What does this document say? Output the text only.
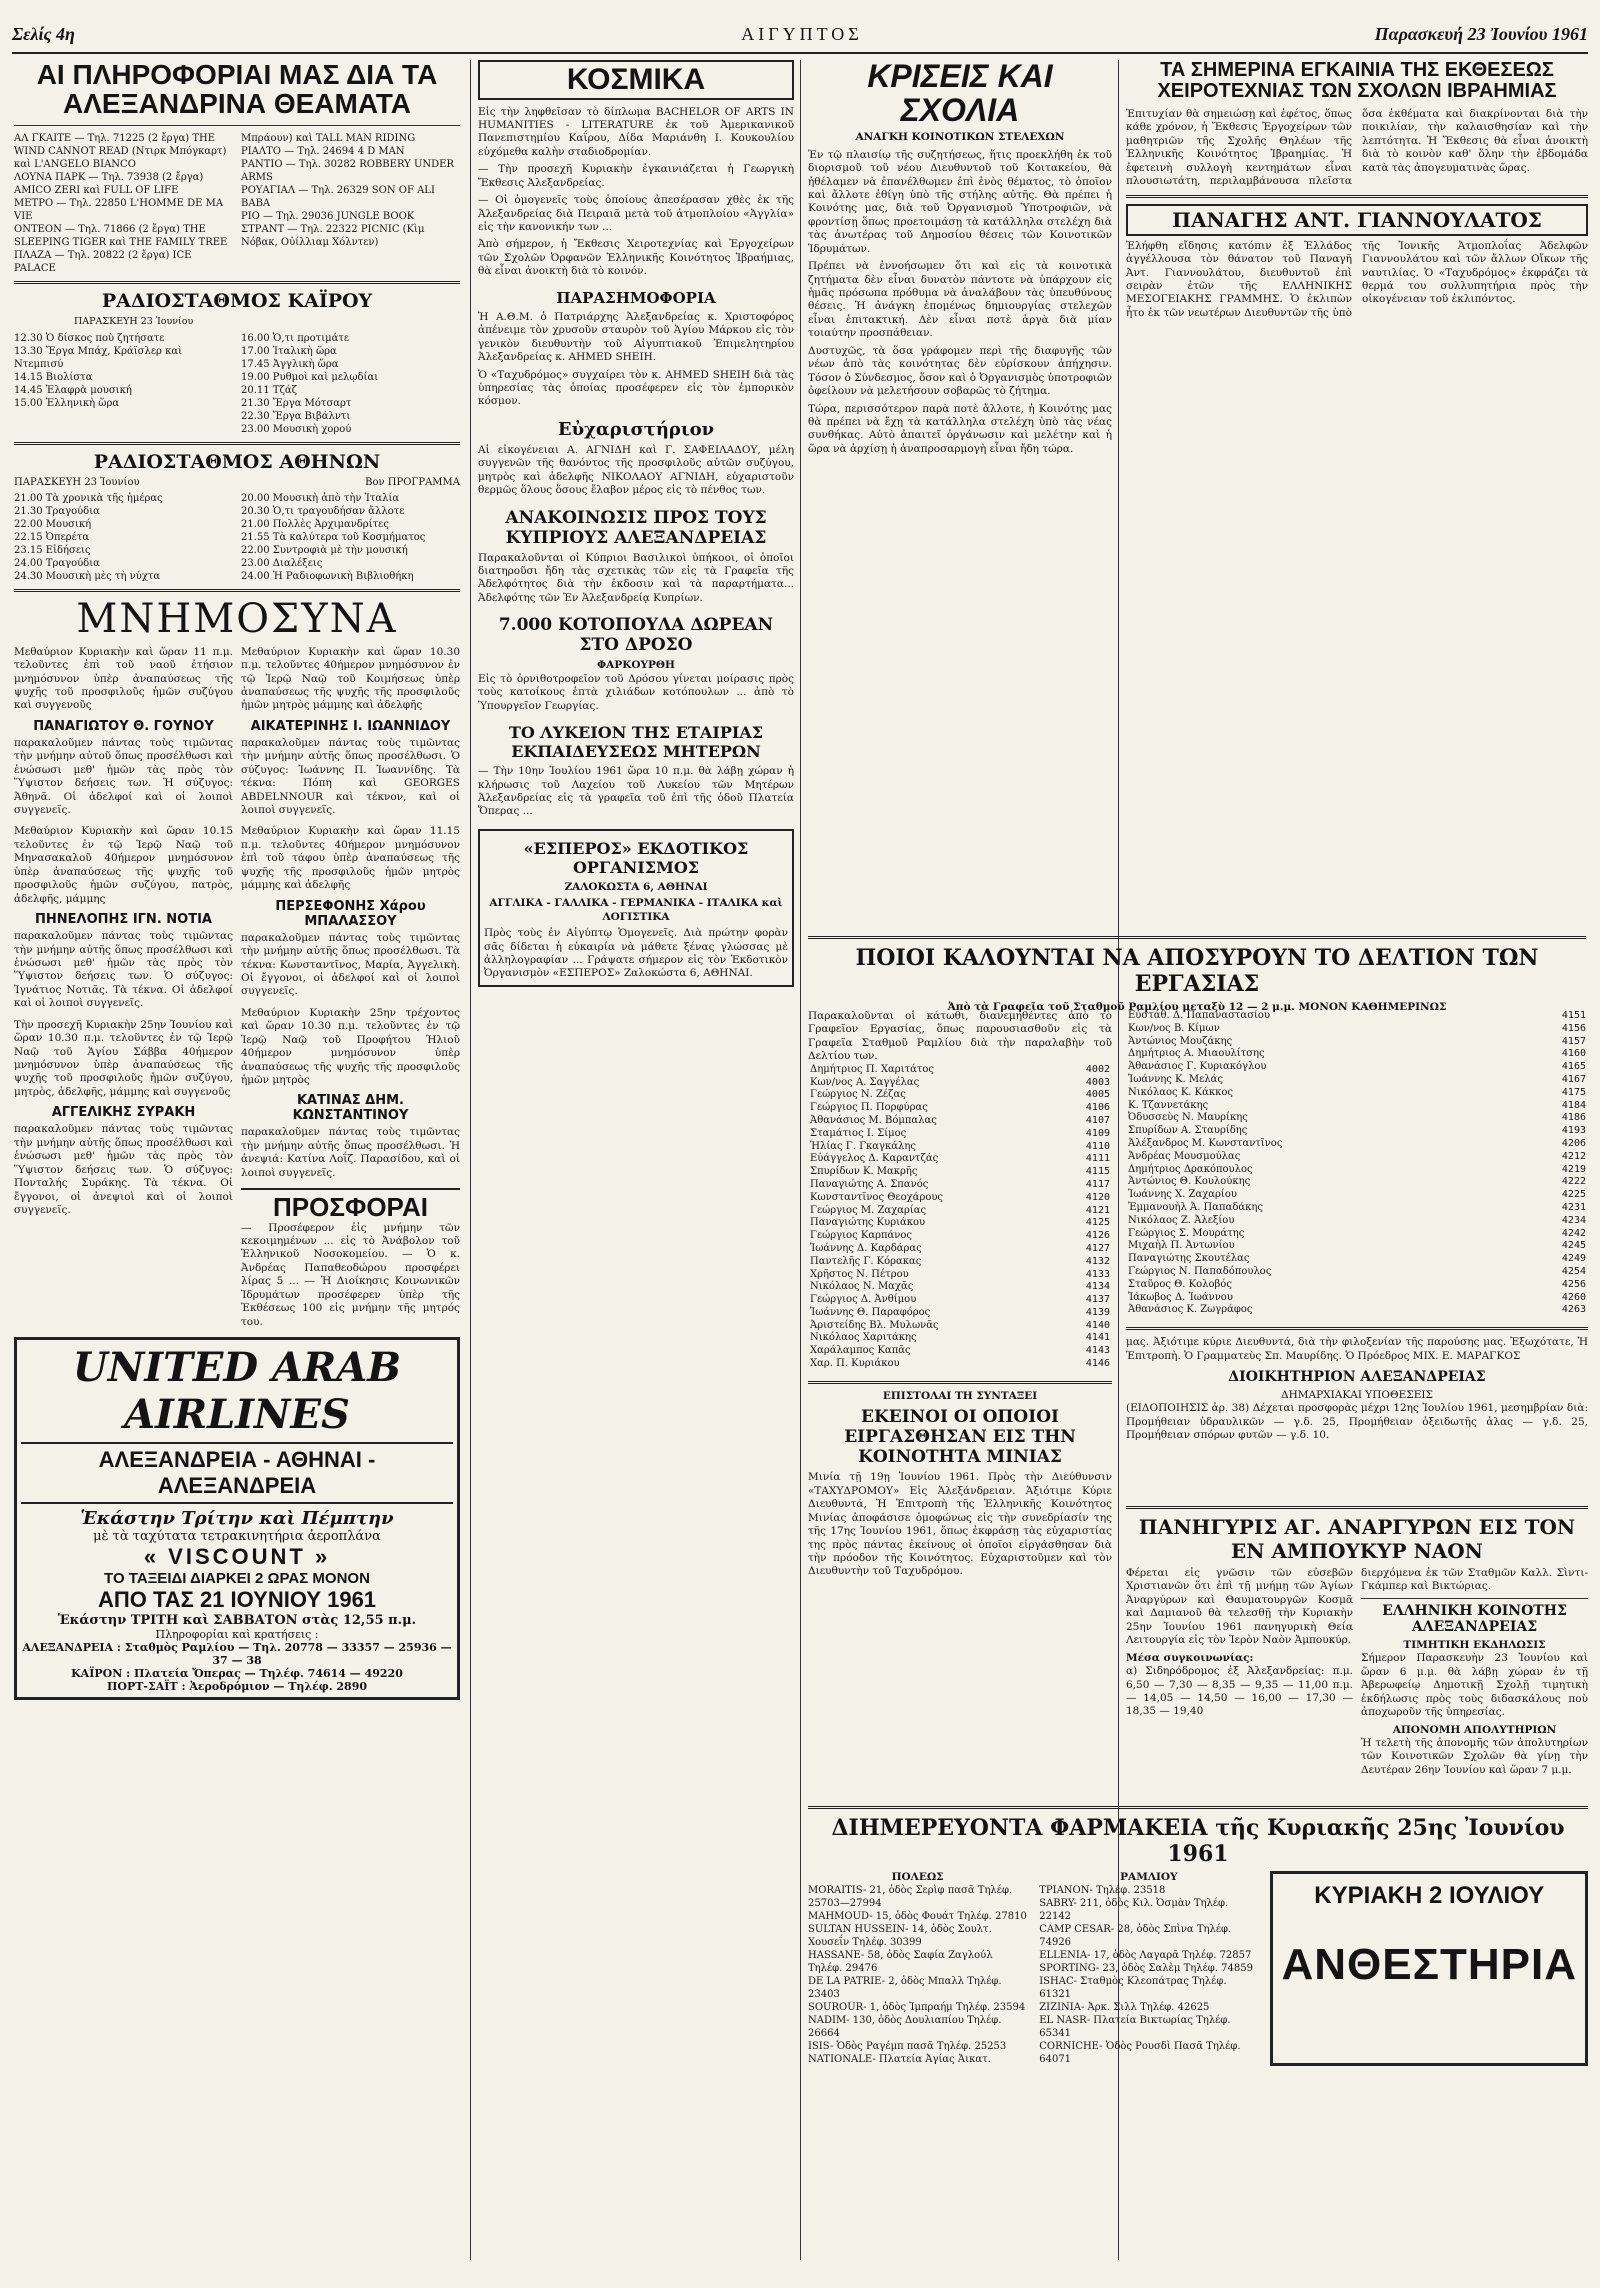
Σελίς 4η	ΑΙΓΥΠΤΟΣ	Παρασκευή 23 Ἰουνίου 1961
ΑΙ ΠΛΗΡΟΦΟΡΙΑΙ ΜΑΣ ΔΙΑ ΤΑ ΑΛΕΞΑΝΔΡΙΝΑ ΘΕΑΜΑΤΑ
ΑΛ ΓΚΑΙΤΕ — Τηλ. 71225 (2 ἔργα) THE WIND CANNOT READ (Ντιρκ Μπόγκαρτ) καὶ L'ANGELO BIANCO
ΛΟΥΝΑ ΠΑΡΚ — Τηλ. 73938 (2 ἔργα) AMICO ZERI καὶ FULL OF LIFE
ΜΕΤΡΟ — Τηλ. 22850 L'HOMME DE MA VIE
ΟΝΤΕΟΝ — Τηλ. 71866 (2 ἔργα) THE SLEEPING TIGER καὶ THE FAMILY TREE
ΠΛΑΖΑ — Τηλ. 20822 (2 ἔργα) ICE PALACE
Μπράουν) καὶ TALL MAN RIDING
ΡΙΑΛΤΟ — Τηλ. 24694 4 D MAN
ΡΑΝΤΙΟ — Τηλ. 30282 ROBBERY UNDER ARMS
ΡΟΥΑΓΙΑΛ — Τηλ. 26329 SON OF ALI BABA
ΡΙΟ — Τηλ. 29036 JUNGLE BOOK
ΣΤΡΑΝΤ — Τηλ. 22322 PICNIC (Κὶμ Νόβακ, Οὐίλλιαμ Χόλντεν)
ΡΑΔΙΟΣΤΑΘΜΟΣ ΚΑΪΡΟΥ
ΠΑΡΑΣΚΕΥΗ 23 Ἰουνίου
12.30 Ὁ δίσκος ποὺ ζητήσατε
13.30 Ἔργα Μπάχ, Κράϊσλερ καὶ Ντεμπισύ
14.15 Βιολίστα
14.45 Ἐλαφρὰ μουσική
15.00 Ἑλληνικὴ ὥρα
16.00 Ὁ,τι προτιμάτε
17.00 Ἰταλικὴ ὥρα
17.45 Ἀγγλικὴ ὥρα
19.00 Ρυθμοὶ καὶ μελῳδίαι
20.11 Τζάζ
21.30 Ἔργα Μότσαρτ
22.30 Ἔργα Βιβάλντι
23.00 Μουσικὴ χορού
ΡΑΔΙΟΣΤΑΘΜΟΣ ΑΘΗΝΩΝ
ΠΑΡΑΣΚΕΥΗ 23 Ἰουνίου	Βον ΠΡΟΓΡΑΜΜΑ
21.00 Τὰ χρονικὰ τῆς ἡμέρας
21.30 Τραγούδια
22.00 Μουσική
22.15 Ὀπερέτα
23.15 Εἰδήσεις
24.00 Τραγούδια
24.30 Μουσικὴ μὲς τὴ νύχτα
20.00 Μουσικὴ ἀπὸ τὴν Ἰταλία
20.30 Ὁ,τι τραγουδήσαν ἄλλοτε
21.00 Πολλὲς Ἀρχιμανδρίτες
21.55 Τὰ καλύτερα τοῦ Κοσμήματος
22.00 Συντροφιὰ μὲ τὴν μουσική
23.00 Διαλέξεις
24.00 Ἡ Ραδιοφωνικὴ Βιβλιοθήκη
ΜΝΗΜΟΣΥΝΑ
Μεθαύριον Κυριακὴν καὶ ὥραν 11 π.μ. τελοῦντες ἐπὶ τοῦ ναοῦ ἐτήσιον μνημόσυνον ὑπὲρ ἀναπαύσεως τῆς ψυχῆς τοῦ προσφιλοῦς ἡμῶν συζύγου καὶ συγγενοῦς
ΠΑΝΑΓΙΩΤΟΥ Θ. ΓΟΥΝΟΥ
παρακαλοῦμεν πάντας τοὺς τιμῶντας τὴν μνήμην αὐτοῦ ὅπως προσέλθωσι καὶ ἑνώσωσι μεθ' ἡμῶν τὰς πρὸς τὸν Ὕψιστον δεήσεις των. Ἡ σύζυγος: Ἀθηνᾶ. Οἱ ἀδελφοί καὶ οἱ λοιποὶ συγγενεῖς.
Μεθαύριον Κυριακὴν καὶ ὥραν 10.15 τελοῦντες ἐν τῷ Ἱερῷ Ναῷ τοῦ Μηνασακαλοῦ 40ήμερον μνημόσυνον ὑπὲρ ἀναπαύσεως τῆς ψυχῆς τοῦ προσφιλοῦς ἡμῶν συζύγου, πατρὸς, ἀδελφῆς, μάμμης
ΠΗΝΕΛΟΠΗΣ ΙΓΝ. ΝΟΤΙΑ
παρακαλοῦμεν πάντας τοὺς τιμῶντας τὴν μνήμην αὐτῆς ὅπως προσέλθωσι καὶ ἑνώσωσι μεθ' ἡμῶν τὰς πρὸς τὸν Ὕψιστον δεήσεις των. Ὁ σύζυγος: Ἰγνάτιος Νοτιᾶς. Τὰ τέκνα. Οἱ ἀδελφοί καὶ οἱ λοιποὶ συγγενεῖς.
Τὴν προσεχῆ Κυριακὴν 25ην Ἰουνίου καὶ ὥραν 10.30 π.μ. τελοῦντες ἐν τῷ Ἱερῷ Ναῷ τοῦ Ἁγίου Σάββα 40ήμερον μνημόσυνον ὑπὲρ ἀναπαύσεως τῆς ψυχῆς τοῦ προσφιλοῦς ἡμῶν συζύγου, μητρὸς, ἀδελφῆς, μάμμης καὶ συγγενοῦς
ΑΓΓΕΛΙΚΗΣ ΣΥΡΑΚΗ
παρακαλοῦμεν πάντας τοὺς τιμῶντας τὴν μνήμην αὐτῆς ὅπως προσέλθωσι καὶ ἑνώσωσι μεθ' ἡμῶν τὰς πρὸς τὸν Ὕψιστον δεήσεις των. Ὁ σύζυγος: Πονταλής Συράκης. Τὰ τέκνα. Οἱ ἔγγονοι, οἱ ἀνεψιοὶ καὶ οἱ λοιποὶ συγγενεῖς.
Μεθαύριον Κυριακὴν καὶ ὥραν 10.30 π.μ. τελοῦντες 40ήμερον μνημόσυνον ἐν τῷ Ἱερῷ Ναῷ τοῦ Κοιμήσεως ὑπὲρ ἀναπαύσεως τῆς ψυχῆς τῆς προσφιλοῦς ἡμῶν μητρὸς μάμμης καὶ ἀδελφῆς
ΑΙΚΑΤΕΡΙΝΗΣ Ι. ΙΩΑΝΝΙΔΟΥ
παρακαλοῦμεν πάντας τοὺς τιμῶντας τὴν μνήμην αὐτῆς ὅπως προσέλθωσι. Ὁ σύζυγος: Ἰωάννης Π. Ἰωαννίδης. Τὰ τέκνα: Πόπη καὶ GEORGES ABDELNNOUR καὶ τέκνον, καὶ οἱ λοιποὶ συγγενεῖς.
Μεθαύριον Κυριακὴν καὶ ὥραν 11.15 π.μ. τελοῦντες 40ήμερον μνημόσυνον ἐπὶ τοῦ τάφου ὑπὲρ ἀναπαύσεως τῆς ψυχῆς τῆς προσφιλοῦς ἡμῶν μητρὸς μάμμης καὶ ἀδελφῆς
ΠΕΡΣΕΦΟΝΗΣ Χάρου ΜΠΑΛΑΣΣΟΥ
παρακαλοῦμεν πάντας τοὺς τιμῶντας τὴν μνήμην αὐτῆς ὅπως προσέλθωσι. Τὰ τέκνα: Κωνσταντῖνος, Μαρία, Ἀγγελικὴ. Οἱ ἔγγονοι, οἱ ἀδελφοί καὶ οἱ λοιποὶ συγγενεῖς.
Μεθαύριον Κυριακὴν 25ην τρέχοντος καὶ ὥραν 10.30 π.μ. τελοῦντες ἐν τῷ Ἱερῷ Ναῷ τοῦ Προφήτου Ἠλιοῦ 40ήμερον μνημόσυνον ὑπὲρ ἀναπαύσεως τῆς ψυχῆς τῆς προσφιλοῦς ἡμῶν μητρὸς
ΚΑΤΙΝΑΣ ΔΗΜ. ΚΩΝΣΤΑΝΤΙΝΟΥ
παρακαλοῦμεν πάντας τοὺς τιμῶντας τὴν μνήμην αὐτῆς ὅπως προσέλθωσι. Ἡ ἀνεψιά: Κατίνα Λοΐζ. Παρασίδου, καὶ οἱ λοιποὶ συγγενεῖς.
ΠΡΟΣΦΟΡΑΙ
— Προσέφερον ἐἰς μνήμην τῶν κεκοιμημένων ... εἰς τὸ Ἀνάβολον τοῦ Ἑλληνικοῦ Νοσοκομείου. — Ὁ κ. Ἀνδρέας Παπαθεοδώρου προσφέρει λίρας 5 ... — Ἡ Διοίκησις Κοινωνικῶν Ἱδρυμάτων προσέφερεν ὑπὲρ τῆς Ἐκθέσεως 100 εἰς μνήμην τῆς μητρός του.
UNITED ARAB AIRLINES
ΑΛΕΞΑΝΔΡΕΙΑ - ΑΘΗΝΑΙ - ΑΛΕΞΑΝΔΡΕΙΑ
Ἑκάστην Τρίτην καὶ Πέμπτην
μὲ τὰ ταχύτατα τετρακινητήρια ἀεροπλάνα
« VISCOUNT »
ΤΟ ΤΑΞΕΙΔΙ ΔΙΑΡΚΕΙ 2 ΩΡΑΣ ΜΟΝΟΝ
ΑΠΟ ΤΑΣ 21 ΙΟΥΝΙΟΥ 1961
Ἑκάστην ΤΡΙΤΗ καὶ ΣΑΒΒΑΤΟΝ στὰς 12,55 π.μ.
Πληροφορίαι καὶ κρατήσεις :
ΑΛΕΞΑΝΔΡΕΙΑ : Σταθμὸς Ραμλίου — Τηλ. 20778 — 33357 — 25936 — 37 — 38
ΚΑΪΡΟΝ : Πλατεία Ὄπερας — Τηλέφ. 74614 — 49220
ΠΟΡΤ-ΣΑΪΤ : Ἀεροδρόμιον — Τηλέφ. 2890
ΚΟΣΜΙΚΑ
Εἰς τὴν ληφθεῖσαν τὸ δίπλωμα BACHELOR OF ARTS IN HUMANITIES - LITERATURE ἐκ τοῦ Ἀμερικανικοῦ Πανεπιστημίου Καΐρου, Δίδα Μαριάνθη Ι. Κουκουλίου εὐχόμεθα καλὴν σταδιοδρομίαν.
— Τὴν προσεχῆ Κυριακὴν ἐγκαινιάζεται ἡ Γεωργικὴ Ἔκθεσις Ἀλεξανδρείας.
— Οἱ ὁμογενεῖς τοὺς ὁποίους ἀπεσέρασαν χθὲς ἐκ τῆς Ἀλεξανδρείας διὰ Πειραιᾶ μετὰ τοῦ ἀτμοπλοίου «Ἀγγλία» εἰς τὴν κανονικήν των ...
Ἀπὸ σήμερον, ἡ Ἔκθεσις Χειροτεχνίας καὶ Ἐργοχείρων τῶν Σχολῶν Ὀρφανῶν Ἑλληνικῆς Κοινότητος Ἰβραήμιας, θὰ εἶναι ἀνοικτὴ διὰ τὸ κοινόν.
ΠΑΡΑΣΗΜΟΦΟΡΙΑ
Ἡ Α.Θ.Μ. ὁ Πατριάρχης Ἀλεξανδρείας κ. Χριστοφόρος ἀπένειμε τὸν χρυσοῦν σταυρὸν τοῦ Ἁγίου Μάρκου εἰς τὸν γενικὸν διευθυντὴν τοῦ Αἰγυπτιακοῦ Ἐπιμελητηρίου Ἀλεξανδρείας κ. AHMED SHEIH.
Ὁ «Ταχυδρόμος» συγχαίρει τὸν κ. AHMED SHEIH διὰ τὰς ὑπηρεσίας τὰς ὁποίας προσέφερεν εἰς τὸν ἐμπορικὸν κόσμον.
Εὐχαριστήριον
Αἱ εἰκογένειαι Α. ΑΓΝΙΔΗ καὶ Γ. ΣΑΦΕΙΛΑΔΟΥ, μέλη συγγενῶν τῆς θανόντος τῆς προσφιλοῦς αὐτῶν συζύγου, μητρὸς καὶ ἀδελφῆς ΝΙΚΟΛΑΟΥ ΑΓΝΙΔΗ, εὐχαριστοῦν θερμῶς ὅλους ὅσους ἔλαβον μέρος εἰς τὸ πένθος των.
ΑΝΑΚΟΙΝΩΣΙΣ ΠΡΟΣ ΤΟΥΣ ΚΥΠΡΙΟΥΣ ΑΛΕΞΑΝΔΡΕΙΑΣ
Παρακαλοῦνται οἱ Κύπριοι Βασιλικοὶ ὑπήκοοι, οἱ ὁποῖοι διατηροῦσι ἤδη τὰς σχετικὰς τῶν εἰς τὰ Γραφεῖα τῆς Ἀδελφότητος διὰ τὴν ἐκδοσιν καὶ τὰ παραρτήματα... Ἀδελφότης τῶν Ἐν Ἀλεξανδρείᾳ Κυπρίων.
7.000 ΚΟΤΟΠΟΥΛΑ ΔΩΡΕΑΝ ΣΤΟ ΔΡΟΣΟ
ΦΑΡΚΟΥΡΘΗ
Εἰς τὸ ὀρνιθοτροφεῖον τοῦ Δρόσου γίνεται μοίρασις πρὸς τοὺς κατοίκους ἑπτὰ χιλιάδων κοτόπουλων ... ἀπὸ τὸ Ὑπουργεῖον Γεωργίας.
ΤΟ ΛΥΚΕΙΟΝ ΤΗΣ ΕΤΑΙΡΙΑΣ ΕΚΠΑΙΔΕΥΣΕΩΣ ΜΗΤΕΡΩΝ
— Τὴν 10ην Ἰουλίου 1961 ὥρα 10 π.μ. θὰ λάβῃ χώραν ἡ κλήρωσις τοῦ Λαχείου τοῦ Λυκείου τῶν Μητέρων Ἀλεξανδρείας εἰς τὰ γραφεῖα τοῦ ἐπὶ τῆς ὁδοῦ Πλατεία Ὄπερας ...
«ΕΣΠΕΡΟΣ» ΕΚΔΟΤΙΚΟΣ ΟΡΓΑΝΙΣΜΟΣ
ΖΑΛΟΚΩΣΤΑ 6, ΑΘΗΝΑΙ
ΑΓΓΛΙΚΑ - ΓΑΛΛΙΚΑ - ΓΕΡΜΑΝΙΚΑ - ΙΤΑΛΙΚΑ καὶ ΛΟΓΙΣΤΙΚΑ
Πρὸς τοὺς ἐν Αἰγύπτῳ Ὁμογενεῖς. Διὰ πρώτην φορὰν σᾶς δίδεται ἡ εὐκαιρία νὰ μάθετε ξένας γλώσσας μὲ ἀλληλογραφίαν ... Γράψατε σήμερον εἰς τὸν Ἐκδοτικὸν Ὀργανισμὸν «ΕΣΠΕΡΟΣ» Ζαλοκώστα 6, ΑΘΗΝΑΙ.
ΚΡΙΣΕΙΣ ΚΑΙ ΣΧΟΛΙΑ
ΑΝΑΓΚΗ ΚΟΙΝΟΤΙΚΩΝ ΣΤΕΛΕΧΩΝ
Ἐν τῷ πλαισίῳ τῆς συζητήσεως, ἥτις προεκλήθη ἐκ τοῦ διορισμοῦ τοῦ νέου Διευθυντοῦ τοῦ Κοιτακείου, θὰ ἠθέλαμεν νὰ ἐπανέλθωμεν ἐπὶ ἑνὸς θέματος, τὸ ὁποῖον καὶ ἄλλοτε ἐθίγη ὑπὸ τῆς στήλης αὐτῆς. Θὰ πρέπει ἡ Κοινότης μας, διὰ τοῦ Ὀργανισμοῦ Ὑποτροφιῶν, νὰ φροντίσῃ ὅπως προετοιμάσῃ τὰ κατάλληλα στελέχη διὰ τὰς ἀνωτέρας τοῦ Δημοσίου θέσεις τῶν Κοινοτικῶν Ἱδρυμάτων.
Πρέπει νὰ ἐννοήσωμεν ὅτι καὶ εἰς τὰ κοινοτικὰ ζητήματα δὲν εἶναι δυνατὸν πάντοτε νὰ ὑπάρχουν εἰς ἡμᾶς πρόσωπα πρόθυμα νὰ ἀναλάβουν τὰς ὑπευθύνους θέσεις. Ἡ ἀνάγκη ἑπομένως δημιουργίας στελεχῶν εἶναι ἐπιτακτική. Δὲν εἶναι ποτὲ ἀργὰ διὰ μίαν τοιαύτην προσπάθειαν.
Δυστυχῶς, τὰ ὅσα γράφομεν περὶ τῆς διαφυγῆς τῶν νέων ἀπὸ τὰς κοινότητας δὲν εὑρίσκουν ἀπήχησιν. Τόσον ὁ Σύνδεσμος, ὅσον καὶ ὁ Ὀργανισμὸς ὑποτροφιῶν ὀφείλουν νὰ μελετήσουν σοβαρῶς τὸ ζήτημα.
Τώρα, περισσότερον παρὰ ποτὲ ἄλλοτε, ἡ Κοινότης μας θὰ πρέπει νὰ ἔχῃ τὰ κατάλληλα στελέχη ὑπὸ τὰς νέας συνθήκας. Αὐτὸ ἀπαιτεῖ ὀργάνωσιν καὶ μελέτην καὶ ἡ ὥρα νὰ ἀρχίσῃ ἡ ἀναπροσαρμογὴ εἶναι ἤδη τώρα.
ΠΟΙΟΙ ΚΑΛΟΥΝΤΑΙ ΝΑ ΑΠΟΣΥΡΟΥΝ ΤΟ ΔΕΛΤΙΟΝ ΤΩΝ ΕΡΓΑΣΙΑΣ
Ἀπὸ τὰ Γραφεῖα τοῦ Σταθμοῦ Ραμλίου μεταξὺ 12 — 2 μ.μ. ΜΟΝΟΝ ΚΑΘΗΜΕΡΙΝΩΣ
Παρακαλοῦνται οἱ κάτωθι, διανεμηθέντες ἀπὸ τὸ Γραφεῖον Εργασίας, ὅπως παρουσιασθοῦν εἰς τὰ Γραφεῖα Σταθμοῦ Ραμλίου διὰ τὴν παραλαβὴν τοῦ Δελτίου των.
Δημήτριος Π. Χαριτάτος	4002
Κων/νος Α. Σαγγέλας	4003
Γεώργιος Ν. Ζέζας	4005
Γεώργιος Π. Πορφύρας	4106
Ἀθανάσιος Μ. Βόμπαλας	4107
Σταμάτιος Ι. Σίμος	4109
Ἠλίας Γ. Γκαγκάλης	4110
Εὐάγγελος Δ. Καραντζάς	4111
Σπυρίδων Κ. Μακρῆς	4115
Παναγιώτης Α. Σπανός	4117
Κωνσταντῖνος Θεοχάρους	4120
Γεώργιος Μ. Ζαχαρίας	4121
Παναγιώτης Κυριάκου	4125
Γεώργιος Καρπάνος	4126
Ἰωάννης Δ. Καρδάρας	4127
Παντελῆς Γ. Κόρακας	4132
Χρῆστος Ν. Πέτρου	4133
Νικόλαος Ν. Μαχᾶς	4134
Γεώργιος Δ. Ἀνθίμου	4137
Ἰωάννης Θ. Παραφόρος	4139
Ἀριστείδης Βλ. Μυλωνᾶς	4140
Νικόλαος Χαριτάκης	4141
Χαράλαμπος Καπᾶς	4143
Χαρ. Π. Κυριάκου	4146
ΕΠΙΣΤΟΛΑΙ ΤΗ ΣΥΝΤΑΞΕΙ
ΕΚΕΙΝΟΙ ΟΙ ΟΠΟΙΟΙ ΕΙΡΓΑΣΘΗΣΑΝ ΕΙΣ ΤΗΝ ΚΟΙΝΟΤΗΤΑ ΜΙΝΙΑΣ
Μινία τῇ 19ῃ Ἰουνίου 1961. Πρὸς τὴν Διεύθυνσιν «ΤΑΧΥΔΡΟΜΟΥ» Εἰς Ἀλεξάνδρειαν. Ἀξιότιμε Κύριε Διευθυντά, Ἡ Ἐπιτροπὴ τῆς Ἑλληνικῆς Κοινότητος Μινίας ἀποφάσισε ὁμοφώνως εἰς τὴν συνεδρίασίν της τῆς 17ης Ἰουνίου 1961, ὅπως ἐκφράσῃ τὰς εὐχαριστίας της πρὸς πάντας ἐκείνους οἱ ὁποῖοι εἰργάσθησαν διὰ τὴν πρόοδον τῆς Κοινότητος. Εὐχαριστοῦμεν καὶ τὸν Διευθυντὴν τοῦ Ταχυδρόμου.
ΤΑ ΣΗΜΕΡΙΝΑ ΕΓΚΑΙΝΙΑ ΤΗΣ ΕΚΘΕΣΕΩΣ ΧΕΙΡΟΤΕΧΝΙΑΣ ΤΩΝ ΣΧΟΛΩΝ ΙΒΡΑΗΜΙΑΣ
Ἐπιτυχίαν θὰ σημειώσῃ καὶ ἐφέτος, ὅπως κάθε χρόνον, ἡ Ἔκθεσις Ἐργοχείρων τῶν μαθητριῶν τῆς Σχολῆς Θηλέων τῆς Ἑλληνικῆς Κοινότητος Ἰβραημίας. Ἡ ἐφετεινὴ συλλογὴ κεντημάτων εἶναι πλουσιωτάτη, περιλαμβάνουσα πλεῖστα ὅσα ἐκθέματα καὶ διακρίνονται διὰ τὴν ποικιλίαν, τὴν καλαισθησίαν καὶ τὴν λεπτότητα. Ἡ Ἔκθεσις θὰ εἶναι ἀνοικτὴ διὰ τὸ κοινὸν καθ' ὅλην τὴν ἑβδομάδα κατὰ τὰς ἀπογευματινὰς ὥρας.
ΠΑΝΑΓΗΣ ΑΝΤ. ΓΙΑΝΝΟΥΛΑΤΟΣ
Ἐλήφθη εἴδησις κατόπιν ἐξ Ἑλλάδος ἀγγέλλουσα τὸν θάνατον τοῦ Παναγῆ Ἀντ. Γιαννουλάτου, διευθυντοῦ ἐπὶ σειρὰν ἐτῶν τῆς ΕΛΛΗΝΙΚΗΣ ΜΕΣΟΓΕΙΑΚΗΣ ΓΡΑΜΜΗΣ. Ὁ ἐκλιπὼν ἦτο ἐκ τῶν νεωτέρων Διευθυντῶν τῆς ὑπὸ τῆς Ἰονικῆς Ἀτμοπλοΐας Ἀδελφῶν Γιαννουλάτου καὶ τῶν ἄλλων Οἴκων τῆς ναυτιλίας. Ὁ «Ταχυδρόμος» ἐκφράζει τὰ θερμά του συλλυπητήρια πρὸς τὴν οἰκογένειαν τοῦ ἐκλιπόντος.
Εὐστάθ. Δ. Παπαναστασίου	4151
Κων/νος Β. Κίμων	4156
Ἀντώνιος Μουζάκης	4157
Δημήτριος Α. Μιαουλίτσης	4160
Ἀθανάσιος Γ. Κυριακόγλου	4165
Ἰωάννης Κ. Μελάς	4167
Νικόλαος Κ. Κάκκος	4175
Κ. Τζαννετάκης	4184
Ὀδυσσεὺς Ν. Μαυρίκης	4186
Σπυρίδων Α. Σταυρίδης	4193
Ἀλέξανδρος Μ. Κωνσταντῖνος	4206
Ἀνδρέας Μουσμούλας	4212
Δημήτριος Δρακόπουλος	4219
Ἀντώνιος Θ. Κουλούκης	4222
Ἰωάννης Χ. Ζαχαρίου	4225
Ἐμμανουὴλ Ἀ. Παπαδάκης	4231
Νικόλαος Ζ. Ἀλεξίου	4234
Γεώργιος Σ. Μουράτης	4242
Μιχαὴλ Π. Ἀντωνίου	4245
Παναγιώτης Σκουτέλας	4249
Γεώργιος Ν. Παπαδόπουλος	4254
Σταῦρος Θ. Κολοβός	4256
Ἰάκωβος Δ. Ἰωάννου	4260
Ἀθανάσιος Κ. Ζωγράφος	4263
μας. Ἀξιότιμε κύριε Διευθυντά, διὰ τὴν φιλοξενίαν τῆς παρούσης μας. Ἐξωχότατε, Ἡ Ἐπιτροπὴ. Ὁ Γραμματεὺς Σπ. Μαυρίδης. Ὁ Πρόεδρος ΜΙΧ. Ε. ΜΑΡΑΓΚΟΣ
ΔΙΟΙΚΗΤΗΡΙΟΝ ΑΛΕΞΑΝΔΡΕΙΑΣ
ΔΗΜΑΡΧΙΑΚΑΙ ΥΠΟΘΕΣΕΙΣ
(ΕΙΔΟΠΟΙΗΣΙΣ ἀρ. 38) Δέχεται προσφορὰς μέχρι 12ης Ἰουλίου 1961, μεσημβρίαν διὰ: Προμήθειαν ὑδραυλικῶν — γ.δ. 25, Προμήθειαν ὀξειδωτῆς ἁλας — γ.δ. 25, Προμήθειαν σπόρων φυτῶν — γ.δ. 10.
ΠΑΝΗΓΥΡΙΣ ΑΓ. ΑΝΑΡΓΥΡΩΝ ΕΙΣ ΤΟΝ ΕΝ ΑΜΠΟΥΚΥΡ ΝΑΟΝ
Φέρεται εἰς γνῶσιν τῶν εὐσεβῶν Χριστιανῶν ὅτι ἐπὶ τῇ μνήμῃ τῶν Ἁγίων Ἀναργύρων καὶ Θαυματουργῶν Κοσμᾶ καὶ Δαμιανοῦ θὰ τελεσθῇ τὴν Κυριακὴν 25ην Ἰουνίου 1961 πανηγυρικὴ Θεία Λειτουργία εἰς τὸν Ἱερὸν Ναὸν Ἀμπουκύρ.
Μέσα συγκοινωνίας:
α) Σιδηρόδρομος ἐξ Ἀλεξανδρείας: π.μ. 6,50 — 7,30 — 8,35 — 9,35 — 11,00 π.μ. — 14,05 — 14,50 — 16,00 — 17,30 — 18,35 — 19,40
διερχόμενα ἐκ τῶν Σταθμῶν Καλλ. Σὶντι-Γκάμπερ καὶ Βικτώριας.
ΕΛΛΗΝΙΚΗ ΚΟΙΝΟΤΗΣ ΑΛΕΞΑΝΔΡΕΙΑΣ
ΤΙΜΗΤΙΚΗ ΕΚΔΗΛΩΣΙΣ
Σήμερον Παρασκευὴν 23 Ἰουνίου καὶ ὥραν 6 μ.μ. θὰ λάβῃ χώραν ἐν τῇ Ἀβερωφείῳ Δημοτικῇ Σχολῇ τιμητικὴ ἐκδήλωσις πρὸς τοὺς διδασκάλους ποὺ ἀποχωροῦν τῆς ὑπηρεσίας.
ΑΠΟΝΟΜΗ ΑΠΟΛΥΤΗΡΙΩΝ
Ἡ τελετὴ τῆς ἀπονομῆς τῶν ἀπολυτηρίων τῶν Κοινοτικῶν Σχολῶν θὰ γίνῃ τὴν Δευτέραν 26ην Ἰουνίου καὶ ὥραν 7 μ.μ.
ΔΙΗΜΕΡΕΥΟΝΤΑ ΦΑΡΜΑΚΕΙΑ τῆς Κυριακῆς 25ης Ἰουνίου 1961
ΠΟΛΕΩΣ
MORAITIS- 21, ὁδὸς Σερὶφ πασᾶ Τηλέφ. 25703—27994
MAHMOUD- 15, ὁδὸς Φουάτ Τηλέφ. 27810
SULTAN HUSSEIN- 14, ὁδὸς Σουλτ. Χουσεΐν Τηλέφ. 30399
HASSANE- 58, ὁδὸς Σαφία Ζαγλούλ Τηλέφ. 29476
DE LA PATRIE- 2, ὁδὸς Μπαλλ Τηλέφ. 23403
SOUROUR- 1, ὁδὸς Ἰμπραήμ Τηλέφ. 23594
NADIM- 130, ὁδὸς Δουλιαπίου Τηλέφ. 26664
ISIS- Ὁδὸς Ραγέμπ πασᾶ Τηλέφ. 25253
NATIONALE- Πλατεία Ἀγίας Ἀικατ.
ΡΑΜΛΙΟΥ
ΤΡΙΑΝΟΝ- Τηλέφ. 23518
SABRY- 211, ὁδὸς Κιλ. Ὀσμὰν Τηλέφ. 22142
CAMP CESAR- 28, ὁδὸς Σπὶνα Τηλέφ. 74926
ELLENIA- 17, ὁδὸς Λαγαρᾶ Τηλέφ. 72857
SPORTING- 23, ὁδὸς Σαλὲμ Τηλέφ. 74859
ISHAC- Σταθμὸς Κλεοπάτρας Τηλέφ. 61321
ZIZINIA- Ἀρκ. Σιλλ Τηλέφ. 42625
EL NASR- Πλατεία Βικτωρίας Τηλέφ. 65341
CORNICHE- Ὁδὸς Ρουσδὶ Πασᾶ Τηλέφ. 64071
ΚΥΡΙΑΚΗ 2 ΙΟΥΛΙΟΥ
ΑΝΘΕΣΤΗΡΙΑ
